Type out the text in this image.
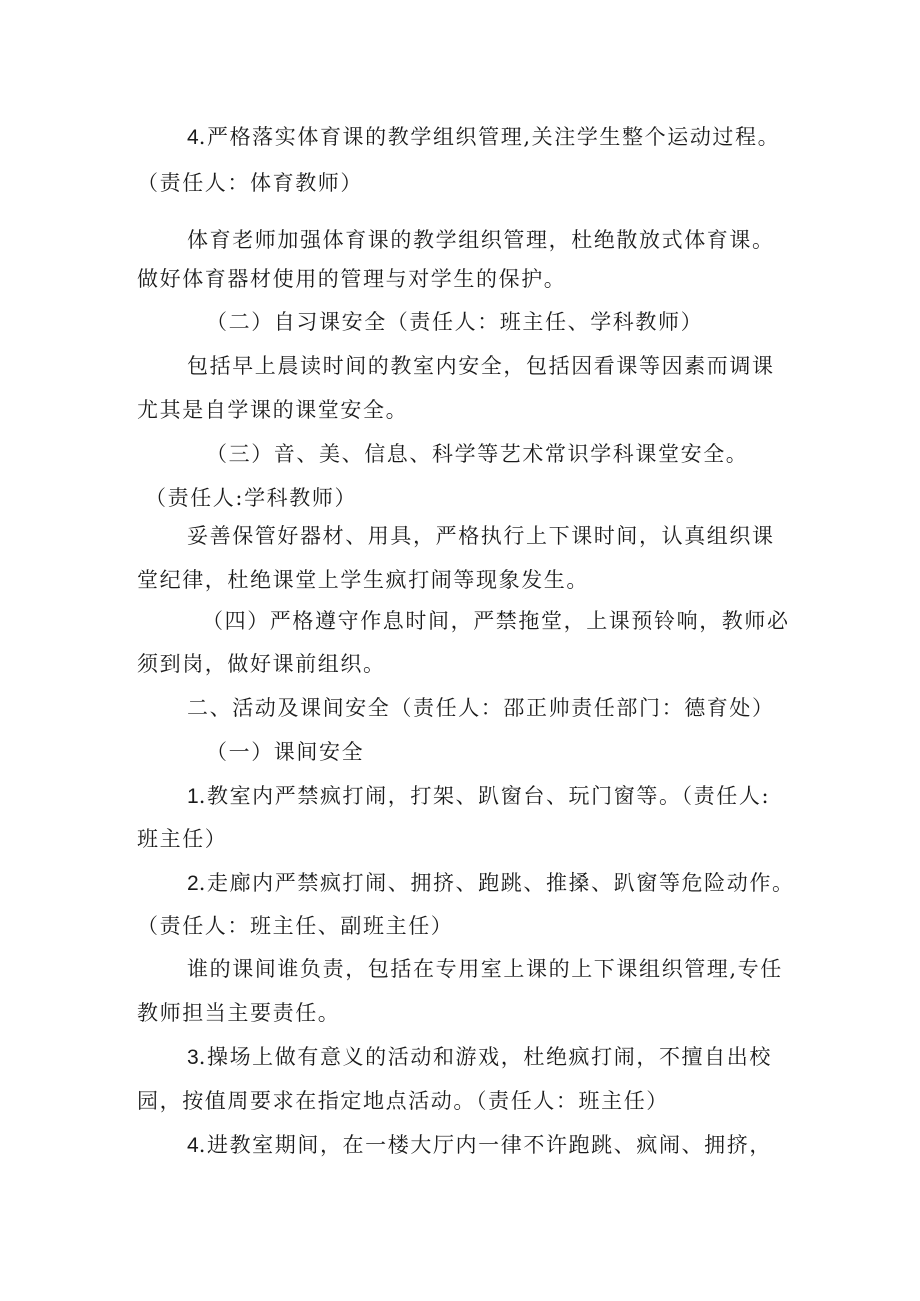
4.严格落实体育课的教学组织管理,关注学生整个运动过程。
（责任人：体育教师）
体育老师加强体育课的教学组织管理，杜绝散放式体育课。
做好体育器材使用的管理与对学生的保护。
（二）自习课安全（责任人：班主任、学科教师）
包括早上晨读时间的教室内安全，包括因看课等因素而调课
尤其是自学课的课堂安全。
（三）音、美、信息、科学等艺术常识学科课堂安全。
（责任人:学科教师）
妥善保管好器材、用具，严格执行上下课时间，认真组织课
堂纪律，杜绝课堂上学生疯打闹等现象发生。
（四）严格遵守作息时间，严禁拖堂，上课预铃响，教师必
须到岗，做好课前组织。
二、活动及课间安全（责任人：邵正帅责任部门：德育处）
（一）课间安全
1.教室内严禁疯打闹，打架、趴窗台、玩门窗等。（责任人:
班主任）
2.走廊内严禁疯打闹、拥挤、跑跳、推搡、趴窗等危险动作。
（责任人：班主任、副班主任）
谁的课间谁负责，包括在专用室上课的上下课组织管理,专任
教师担当主要责任。
3.操场上做有意义的活动和游戏，杜绝疯打闹，不擅自出校
园，按值周要求在指定地点活动。（责任人：班主任）
4.进教室期间，在一楼大厅内一律不许跑跳、疯闹、拥挤，
